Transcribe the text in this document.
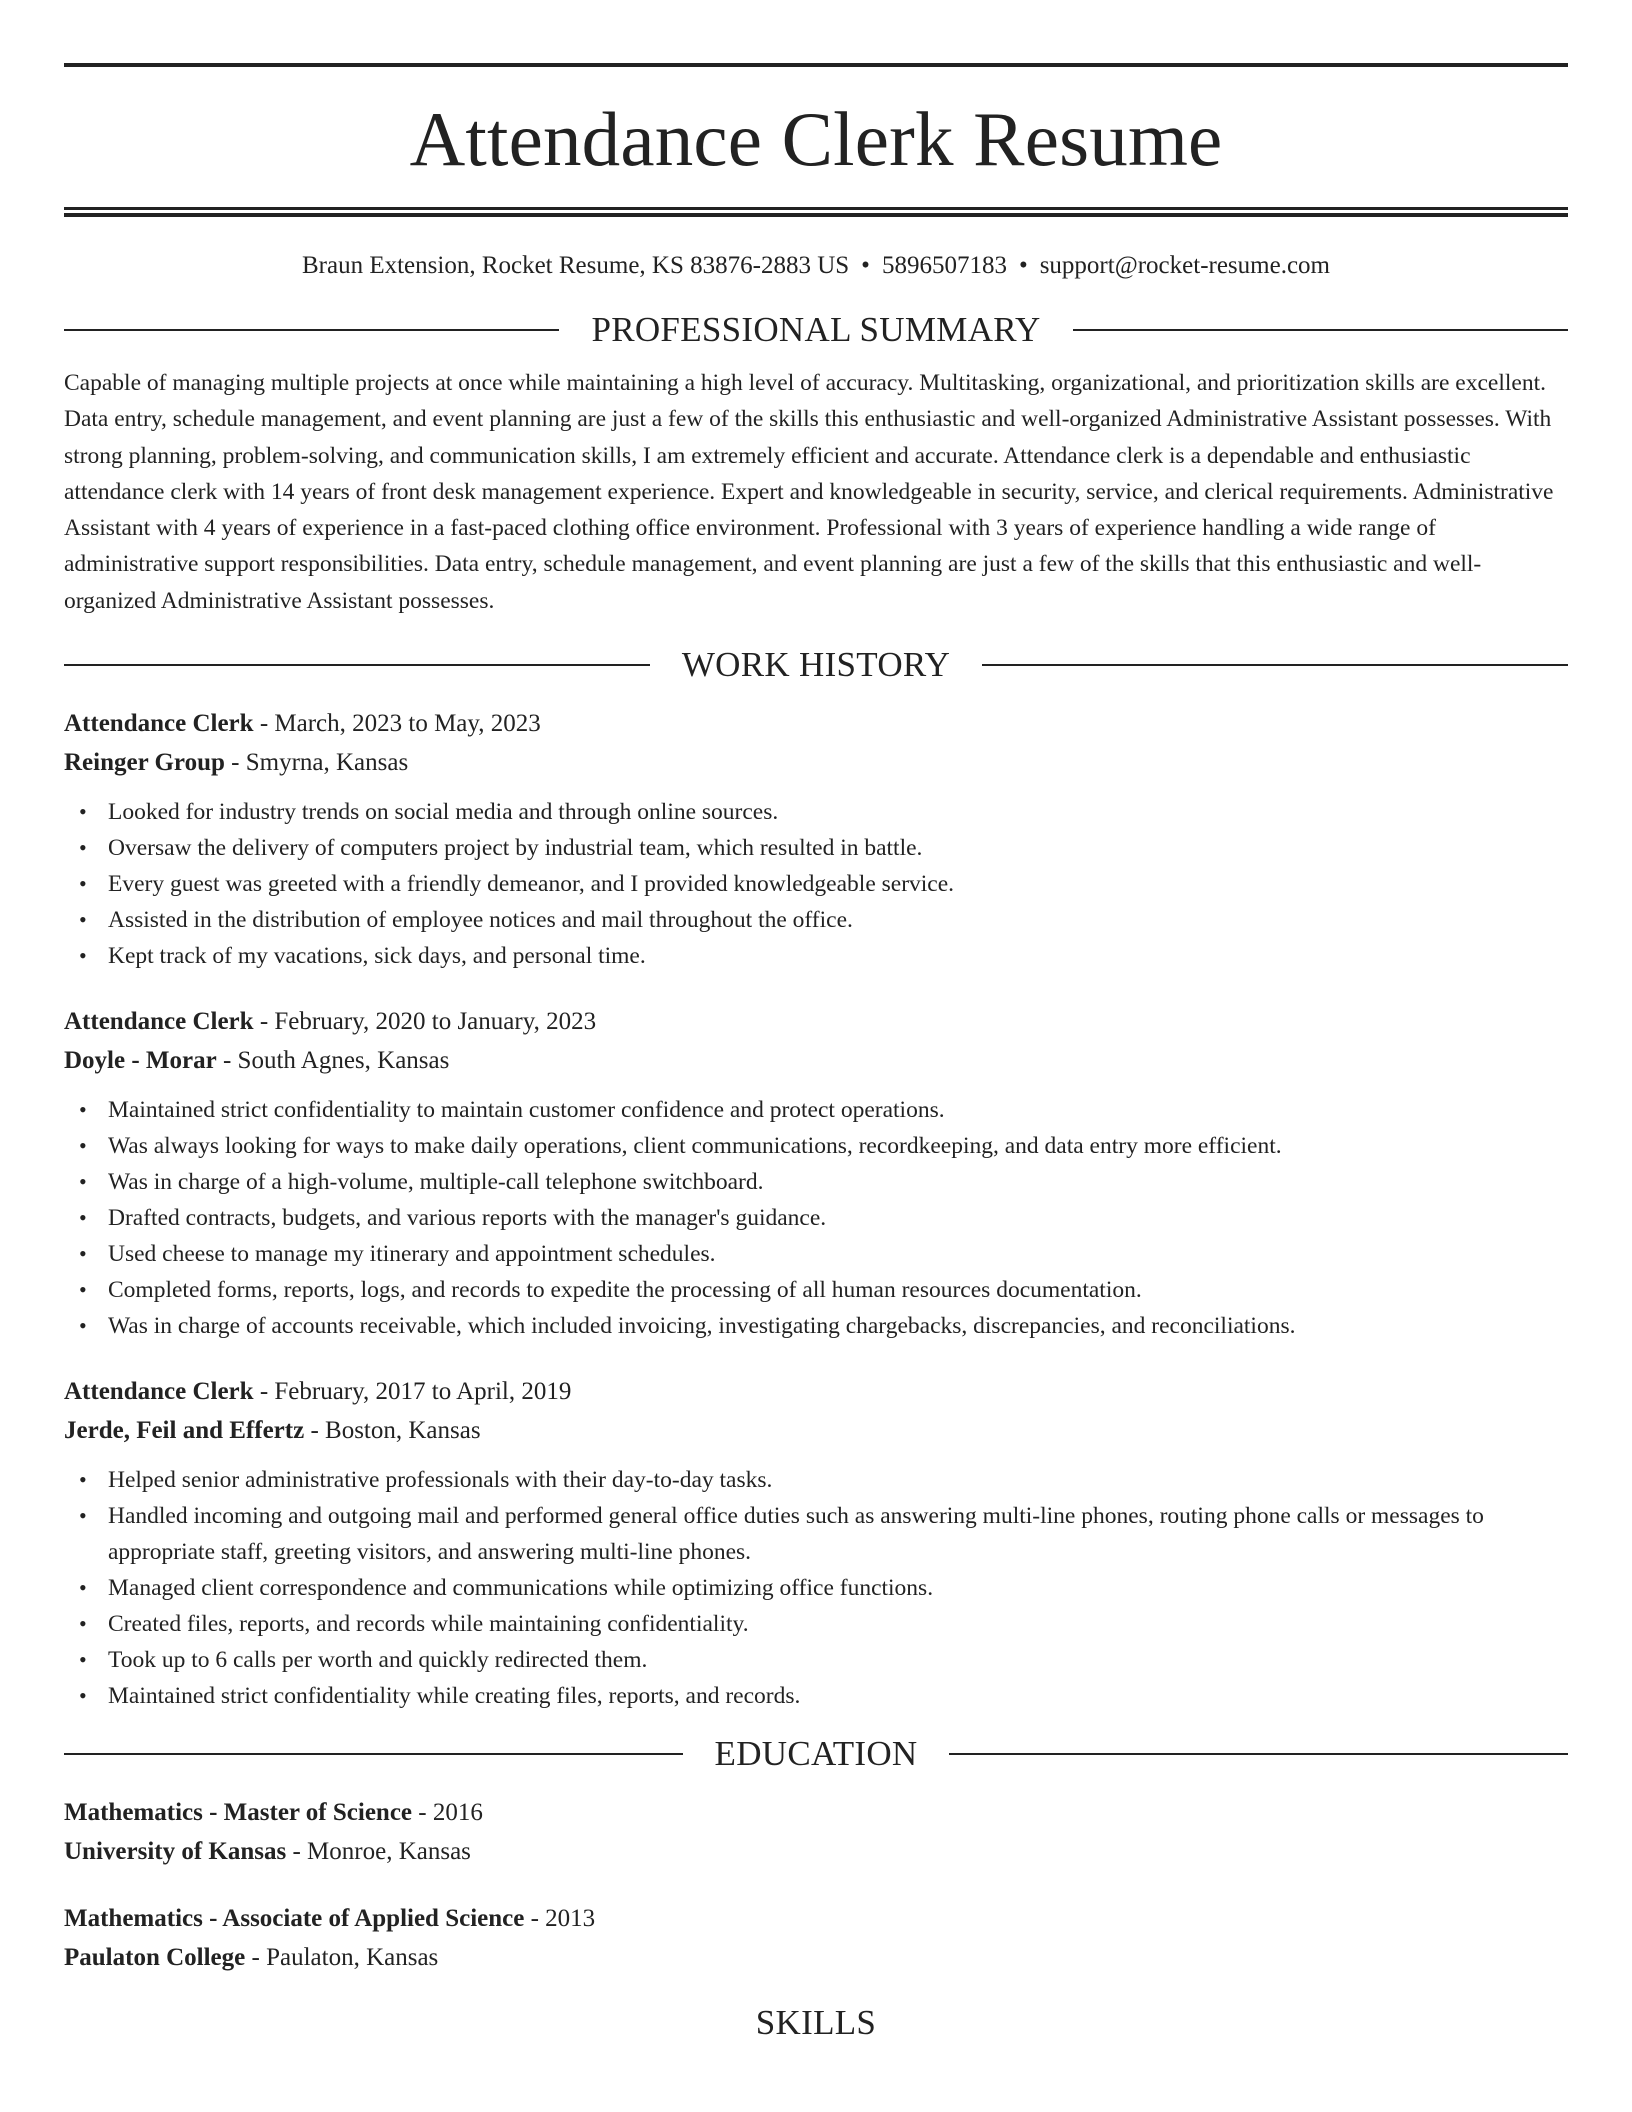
Attendance Clerk Resume
Braun Extension, Rocket Resume, KS 83876-2883 US • 5896507183 • support@rocket-resume.com
PROFESSIONAL SUMMARY

Capable of managing multiple projects at once while maintaining a high level of accuracy. Multitasking, organizational, and prioritization skills are excellent. Data entry, schedule management, and event planning are just a few of the skills this enthusiastic and well-organized Administrative Assistant possesses. With strong planning, problem-solving, and communication skills, I am extremely efficient and accurate. Attendance clerk is a dependable and enthusiastic attendance clerk with 14 years of front desk management experience. Expert and knowledgeable in security, service, and clerical requirements. Administrative Assistant with 4 years of experience in a fast-paced clothing office environment. Professional with 3 years of experience handling a wide range of administrative support responsibilities. Data entry, schedule management, and event planning are just a few of the skills that this enthusiastic and well-organized Administrative Assistant possesses.

WORK HISTORY
Attendance Clerk - March, 2023 to May, 2023
Reinger Group - Smyrna, Kansas
• Looked for industry trends on social media and through online sources.
• Oversaw the delivery of computers project by industrial team, which resulted in battle.
• Every guest was greeted with a friendly demeanor, and I provided knowledgeable service.
• Assisted in the distribution of employee notices and mail throughout the office.
• Kept track of my vacations, sick days, and personal time.
Attendance Clerk - February, 2020 to January, 2023
Doyle - Morar - South Agnes, Kansas
• Maintained strict confidentiality to maintain customer confidence and protect operations.
• Was always looking for ways to make daily operations, client communications, recordkeeping, and data entry more efficient.
• Was in charge of a high-volume, multiple-call telephone switchboard.
• Drafted contracts, budgets, and various reports with the manager's guidance.
• Used cheese to manage my itinerary and appointment schedules.
• Completed forms, reports, logs, and records to expedite the processing of all human resources documentation.
• Was in charge of accounts receivable, which included invoicing, investigating chargebacks, discrepancies, and reconciliations.
Attendance Clerk - February, 2017 to April, 2019
Jerde, Feil and Effertz - Boston, Kansas
• Helped senior administrative professionals with their day-to-day tasks.
• Handled incoming and outgoing mail and performed general office duties such as answering multi-line phones, routing phone calls or messages to appropriate staff, greeting visitors, and answering multi-line phones.
• Managed client correspondence and communications while optimizing office functions.
• Created files, reports, and records while maintaining confidentiality.
• Took up to 6 calls per worth and quickly redirected them.
• Maintained strict confidentiality while creating files, reports, and records.
EDUCATION
Mathematics - Master of Science - 2016
University of Kansas - Monroe, Kansas
Mathematics - Associate of Applied Science - 2013
Paulaton College - Paulaton, Kansas
SKILLS
